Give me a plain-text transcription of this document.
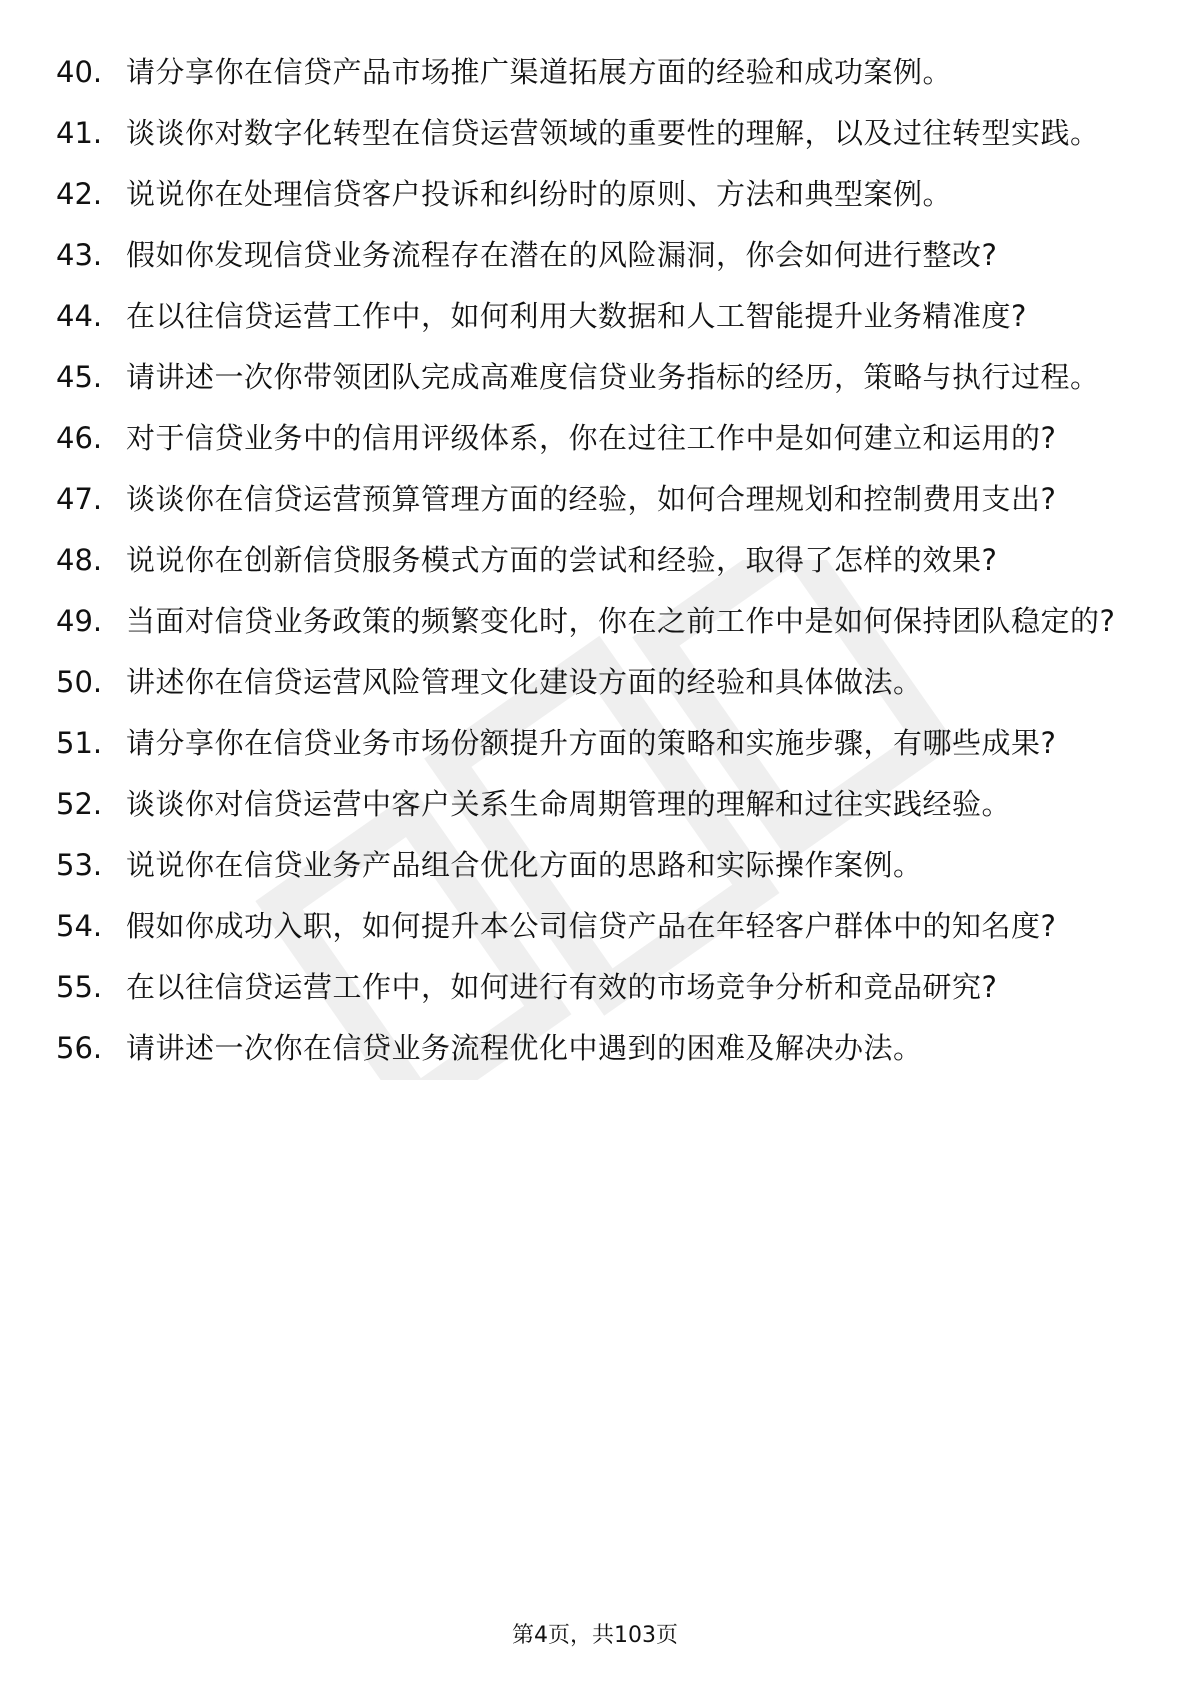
40. 请分享你在信贷产品市场推广渠道拓展方面的经验和成功案例。
41. 谈谈你对数字化转型在信贷运营领域的重要性的理解，以及过往转型实践。
42. 说说你在处理信贷客户投诉和纠纷时的原则、方法和典型案例。
43. 假如你发现信贷业务流程存在潜在的风险漏洞，你会如何进行整改?
44. 在以往信贷运营工作中，如何利用大数据和人工智能提升业务精准度?
45. 请讲述一次你带领团队完成高难度信贷业务指标的经历，策略与执行过程。
46. 对于信贷业务中的信用评级体系，你在过往工作中是如何建立和运用的?
47. 谈谈你在信贷运营预算管理方面的经验，如何合理规划和控制费用支出?
48. 说说你在创新信贷服务模式方面的尝试和经验，取得了怎样的效果?
49. 当面对信贷业务政策的频繁变化时，你在之前工作中是如何保持团队稳定的?
50. 讲述你在信贷运营风险管理文化建设方面的经验和具体做法。
51. 请分享你在信贷业务市场份额提升方面的策略和实施步骤，有哪些成果?
52. 谈谈你对信贷运营中客户关系生命周期管理的理解和过往实践经验。
53. 说说你在信贷业务产品组合优化方面的思路和实际操作案例。
54. 假如你成功入职，如何提升本公司信贷产品在年轻客户群体中的知名度?
55. 在以往信贷运营工作中，如何进行有效的市场竞争分析和竞品研究?
56. 请讲述一次你在信贷业务流程优化中遇到的困难及解决办法。
第4页，共103页
